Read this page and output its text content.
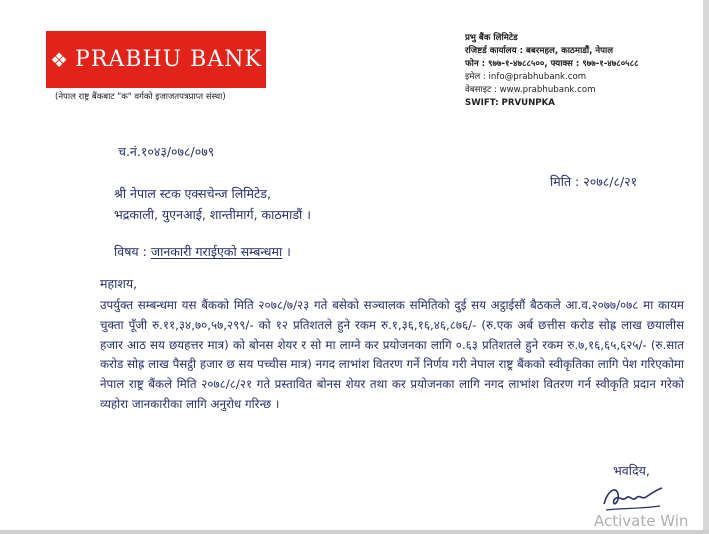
❖ PRABHU BANK
(नेपाल राष्ट्र बैंकबाट "क" वर्गको इजाजतपत्रप्राप्त संस्था)
प्रभु बैंक लिमिटेड
रजिष्टर्ड कार्यालय : बबरमहल, काठमाडौं, नेपाल
फोन : ९७७-१-४७८८५००, फ्याक्स : ९७७-१-४७८०५८८
इमेल : info@prabhubank.com
वेबसाइट : www.prabhubank.com
SWIFT: PRVUNPKA
च.नं.१०४३/०७८/०७९
मिति : २०७८/८/२१
श्री नेपाल स्टक एक्सचेन्ज लिमिटेड,
भद्रकाली, युएनआई, शान्तीमार्ग, काठमाडौं ।
विषय : जानकारी गराईएको सम्बन्धमा ।
महाशय,
उपर्युक्त सम्बन्धमा यस बैंकको मिति २०७८/७/२३ गते बसेको सञ्चालक समितिको दुई सय अट्ठाईसौं बैठकले आ.व.२०७७/०७८ मा कायम चुक्ता पूँजी रु.११,३४,७०,५७,२९९/- को १२ प्रतिशतले हुने रकम रु.१,३६,१६,४६,८७६/- (रु.एक अर्ब छत्तीस करोड सोह्र लाख छयालीस हजार आठ सय छयहत्तर मात्र) को बोनस शेयर र सो मा लाग्ने कर प्रयोजनका लागि ०.६३ प्रतिशतले हुने रकम रु.७,१६,६५,६२५/- (रु.सात करोड सोह्र लाख पैसट्ठी हजार छ सय पच्चीस मात्र) नगद लाभांश वितरण गर्ने निर्णय गरी नेपाल राष्ट्र बैंकको स्वीकृतिका लागि पेश गरिएकोमा नेपाल राष्ट्र बैंकले मिति २०७८/८/२१ गते प्रस्तावित बोनस शेयर तथा कर प्रयोजनका लागि नगद लाभांश वितरण गर्न स्वीकृति प्रदान गरेको व्यहोरा जानकारीका लागि अनुरोध गरिन्छ ।
भवदिय,
Activate Win
